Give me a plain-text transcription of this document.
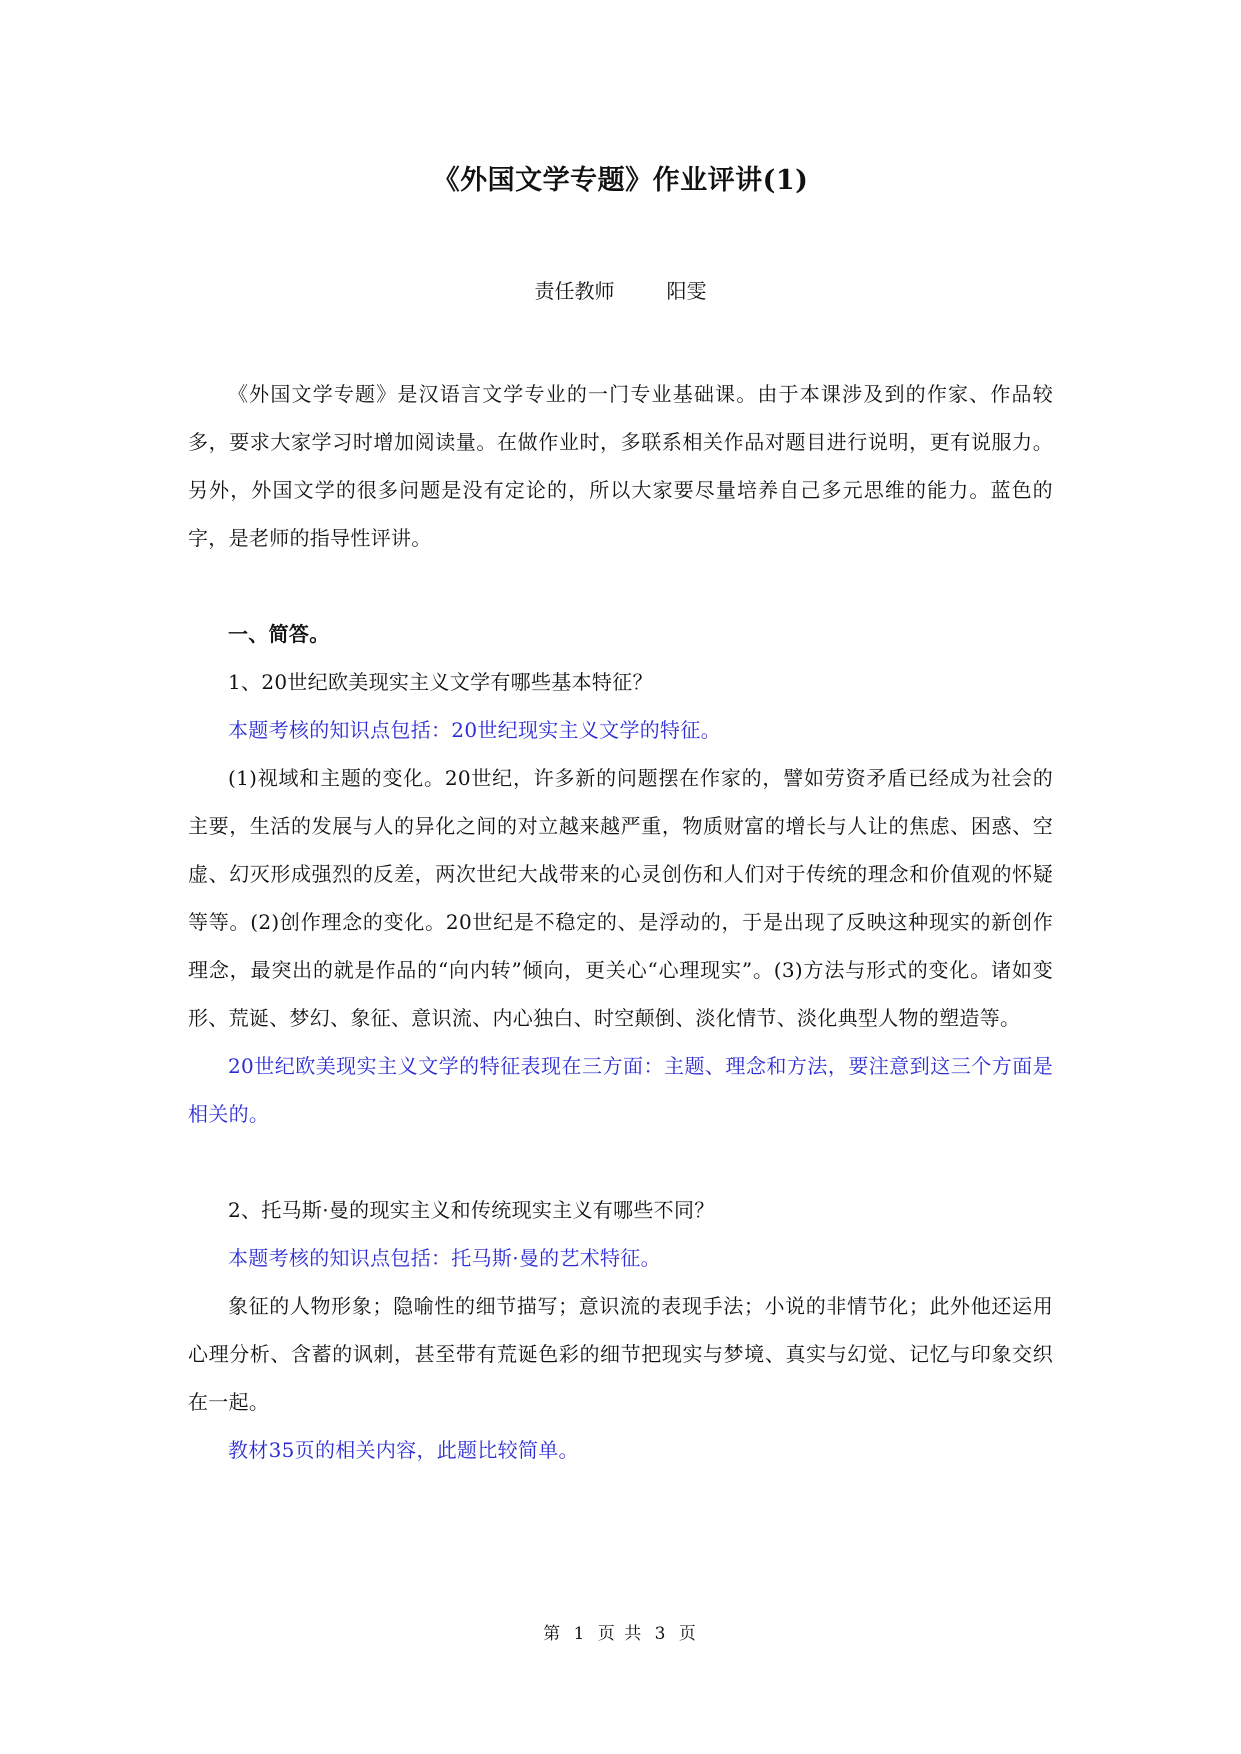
《外国文学专题》作业评讲(1)
责任教师	阳雯

《外国文学专题》是汉语言文学专业的一门专业基础课。由于本课涉及到的作家、作品较多，要求大家学习时增加阅读量。在做作业时，多联系相关作品对题目进行说明，更有说服力。另外，外国文学的很多问题是没有定论的，所以大家要尽量培养自己多元思维的能力。蓝色的字，是老师的指导性评讲。

一、简答。

1、20世纪欧美现实主义文学有哪些基本特征？

本题考核的知识点包括：20世纪现实主义文学的特征。

(1)视域和主题的变化。20世纪，许多新的问题摆在作家的，譬如劳资矛盾已经成为社会的主要，生活的发展与人的异化之间的对立越来越严重，物质财富的增长与人让的焦虑、困惑、空虚、幻灭形成强烈的反差，两次世纪大战带来的心灵创伤和人们对于传统的理念和价值观的怀疑等等。(2)创作理念的变化。20世纪是不稳定的、是浮动的，于是出现了反映这种现实的新创作理念，最突出的就是作品的“向内转”倾向，更关心“心理现实”。(3)方法与形式的变化。诸如变形、荒诞、梦幻、象征、意识流、内心独白、时空颠倒、淡化情节、淡化典型人物的塑造等。

20世纪欧美现实主义文学的特征表现在三方面：主题、理念和方法，要注意到这三个方面是相关的。

2、托马斯·曼的现实主义和传统现实主义有哪些不同？

本题考核的知识点包括：托马斯·曼的艺术特征。

象征的人物形象；隐喻性的细节描写；意识流的表现手法；小说的非情节化；此外他还运用心理分析、含蓄的讽刺，甚至带有荒诞色彩的细节把现实与梦境、真实与幻觉、记忆与印象交织在一起。

教材35页的相关内容，此题比较简单。

第 1 页 共 3 页
